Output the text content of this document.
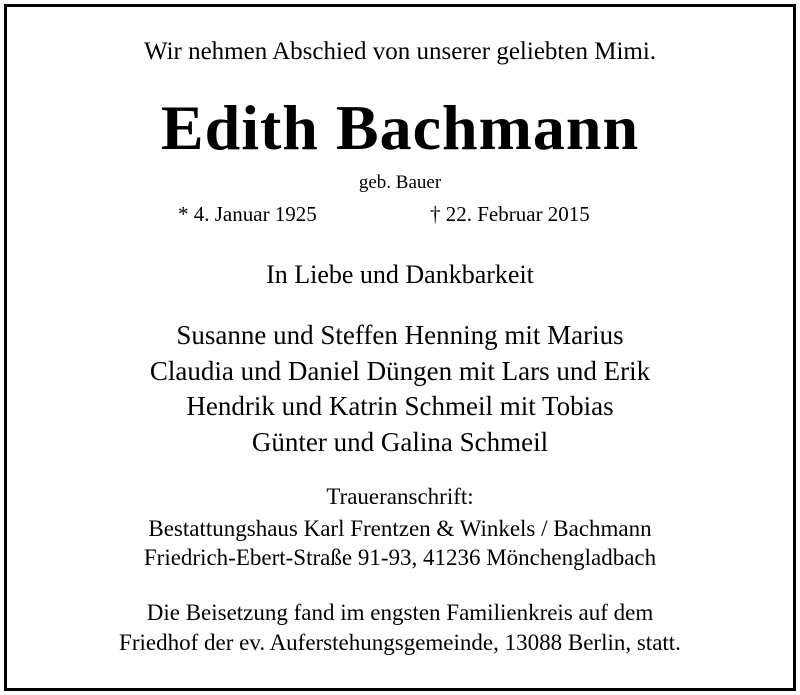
Wir nehmen Abschied von unserer geliebten Mimi.
Edith Bachmann
geb. Bauer
* 4. Januar 1925	† 22. Februar 2015
In Liebe und Dankbarkeit
Susanne und Steffen Henning mit Marius
Claudia und Daniel Düngen mit Lars und Erik
Hendrik und Katrin Schmeil mit Tobias
Günter und Galina Schmeil
Traueranschrift:
Bestattungshaus Karl Frentzen & Winkels / Bachmann
Friedrich-Ebert-Straße 91-93, 41236 Mönchengladbach
Die Beisetzung fand im engsten Familienkreis auf dem
Friedhof der ev. Auferstehungsgemeinde, 13088 Berlin, statt.
